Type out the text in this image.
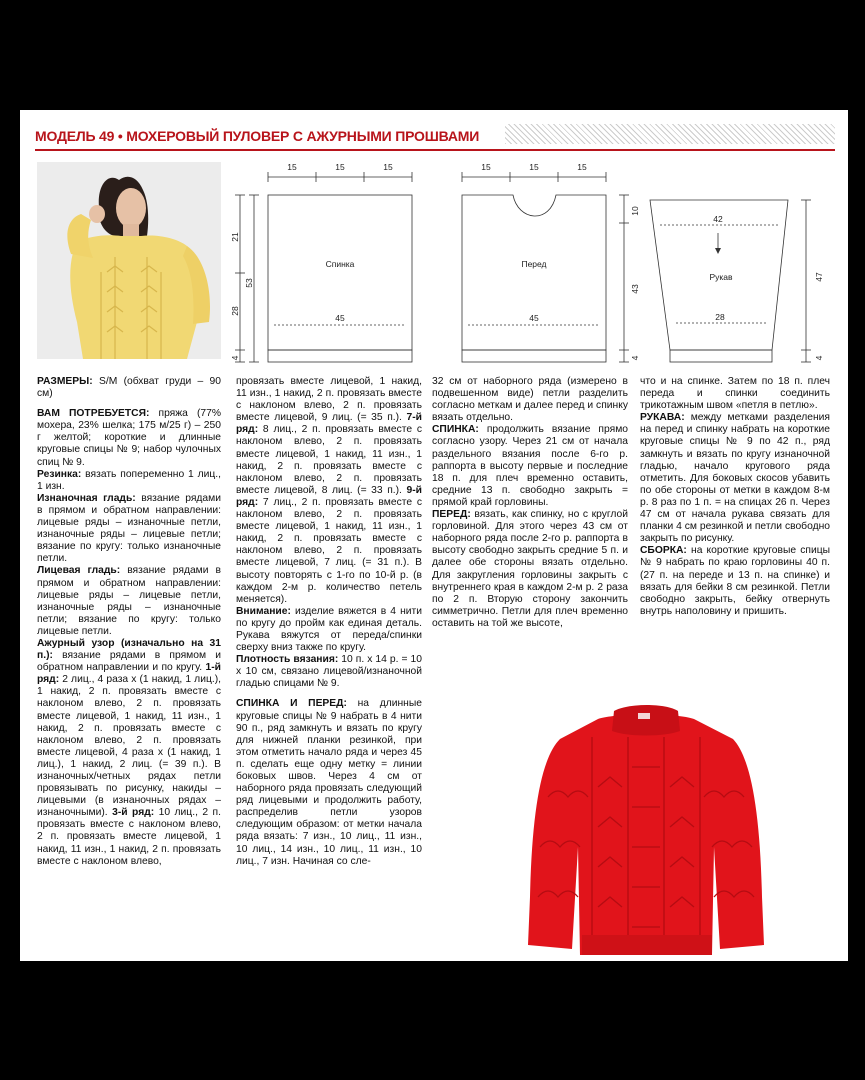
МОДЕЛЬ 49 • МОХЕРОВЫЙ ПУЛОВЕР С АЖУРНЫМИ ПРОШВАМИ
15	15	15
Спинка
45
53
21
28
4
15	15	15
Перед
45
10
43
4
42
Рукав
28
47
4

РАЗМЕРЫ: S/M (обхват груди – 90 см)

ВАМ ПОТРЕБУЕТСЯ: пряжа (77% мохера, 23% шелка; 175 м/25 г) – 250 г желтой; короткие и длинные круговые спицы № 9; набор чулочных спиц № 9.

Резинка: вязать попеременно 1 лиц., 1 изн.

Изнаночная гладь: вязание рядами в прямом и обратном направлении: лицевые ряды – изнаночные петли, изнаночные ряды – лицевые петли; вязание по кругу: только изнаночные петли.

Лицевая гладь: вязание рядами в прямом и обратном направлении: лицевые ряды – лицевые петли, изнаночные ряды – изнаночные петли; вязание по кругу: только лицевые петли.

Ажурный узор (изначально на 31 п.): вязание рядами в прямом и обратном направлении и по кругу. 1-й ряд: 2 лиц., 4 раза х (1 накид, 1 лиц.), 1 накид, 2 п. провязать вместе с наклоном влево, 2 п. провязать вместе лицевой, 1 накид, 11 изн., 1 накид, 2 п. провязать вместе с наклоном влево, 2 п. провязать вместе лицевой, 4 раза х (1 накид, 1 лиц.), 1 накид, 2 лиц. (= 39 п.). В изнаночных/четных рядах петли провязывать по рисунку, накиды – лицевыми (в изнаночных рядах – изнаночными). 3-й ряд: 10 лиц., 2 п. провязать вместе с наклоном влево, 2 п. провязать вместе лицевой, 1 накид, 11 изн., 1 накид, 2 п. провязать вместе с наклоном влево,

провязать вместе лицевой, 1 накид, 11 изн., 1 накид, 2 п. провязать вместе с наклоном влево, 2 п. провязать вместе лицевой, 9 лиц. (= 35 п.). 7-й ряд: 8 лиц., 2 п. провязать вместе с наклоном влево, 2 п. провязать вместе лицевой, 1 накид, 11 изн., 1 накид, 2 п. провязать вместе с наклоном влево, 2 п. провязать вместе лицевой, 8 лиц. (= 33 п.). 9-й ряд: 7 лиц., 2 п. провязать вместе с наклоном влево, 2 п. провязать вместе лицевой, 1 накид, 11 изн., 1 накид, 2 п. провязать вместе с наклоном влево, 2 п. провязать вместе лицевой, 7 лиц. (= 31 п.). В высоту повторять с 1-го по 10-й р. (в каждом 2-м р. количество петель меняется).

Внимание: изделие вяжется в 4 нити по кругу до пройм как единая деталь. Рукава вяжутся от переда/спинки сверху вниз также по кругу.

Плотность вязания: 10 п. х 14 р. = 10 х 10 см, связано лицевой/изнаночной гладью спицами № 9.

СПИНКА И ПЕРЕД: на длинные круговые спицы № 9 набрать в 4 нити 90 п., ряд замкнуть и вязать по кругу для нижней планки резинкой, при этом отметить начало ряда и через 45 п. сделать еще одну метку = линии боковых швов. Через 4 см от наборного ряда провязать следующий ряд лицевыми и продолжить работу, распределив петли узоров следующим образом: от метки начала ряда вязать: 7 изн., 10 лиц., 11 изн., 10 лиц., 14 изн., 10 лиц., 11 изн., 10 лиц., 7 изн. Начиная со сле-

32 см от наборного ряда (измерено в подвешенном виде) петли разделить согласно меткам и далее перед и спинку вязать отдельно.

СПИНКА: продолжить вязание прямо согласно узору. Через 21 см от начала раздельного вязания после 6-го р. раппорта в высоту первые и последние 18 п. для плеч временно оставить, средние 13 п. свободно закрыть = прямой край горловины.

ПЕРЕД: вязать, как спинку, но с круглой горловиной. Для этого через 43 см от наборного ряда после 2-го р. раппорта в высоту свободно закрыть средние 5 п. и далее обе стороны вязать отдельно. Для закругления горловины закрыть с внутреннего края в каждом 2-м р. 2 раза по 2 п. Вторую сторону закончить симметрично. Петли для плеч временно оставить на той же высоте,

что и на спинке. Затем по 18 п. плеч переда и спинки соединить трикотажным швом «петля в петлю».

РУКАВА: между метками разделения на перед и спинку набрать на короткие круговые спицы № 9 по 42 п., ряд замкнуть и вязать по кругу изнаночной гладью, начало кругового ряда отметить. Для боковых скосов убавить по обе стороны от метки в каждом 8-м р. 8 раз по 1 п. = на спицах 26 п. Через 47 см от начала рукава связать для планки 4 см резинкой и петли свободно закрыть по рисунку.

СБОРКА: на короткие круговые спицы № 9 набрать по краю горловины 40 п. (27 п. на переде и 13 п. на спинке) и вязать для бейки 8 см резинкой. Петли свободно закрыть, бейку отвернуть внутрь наполовину и пришить.
